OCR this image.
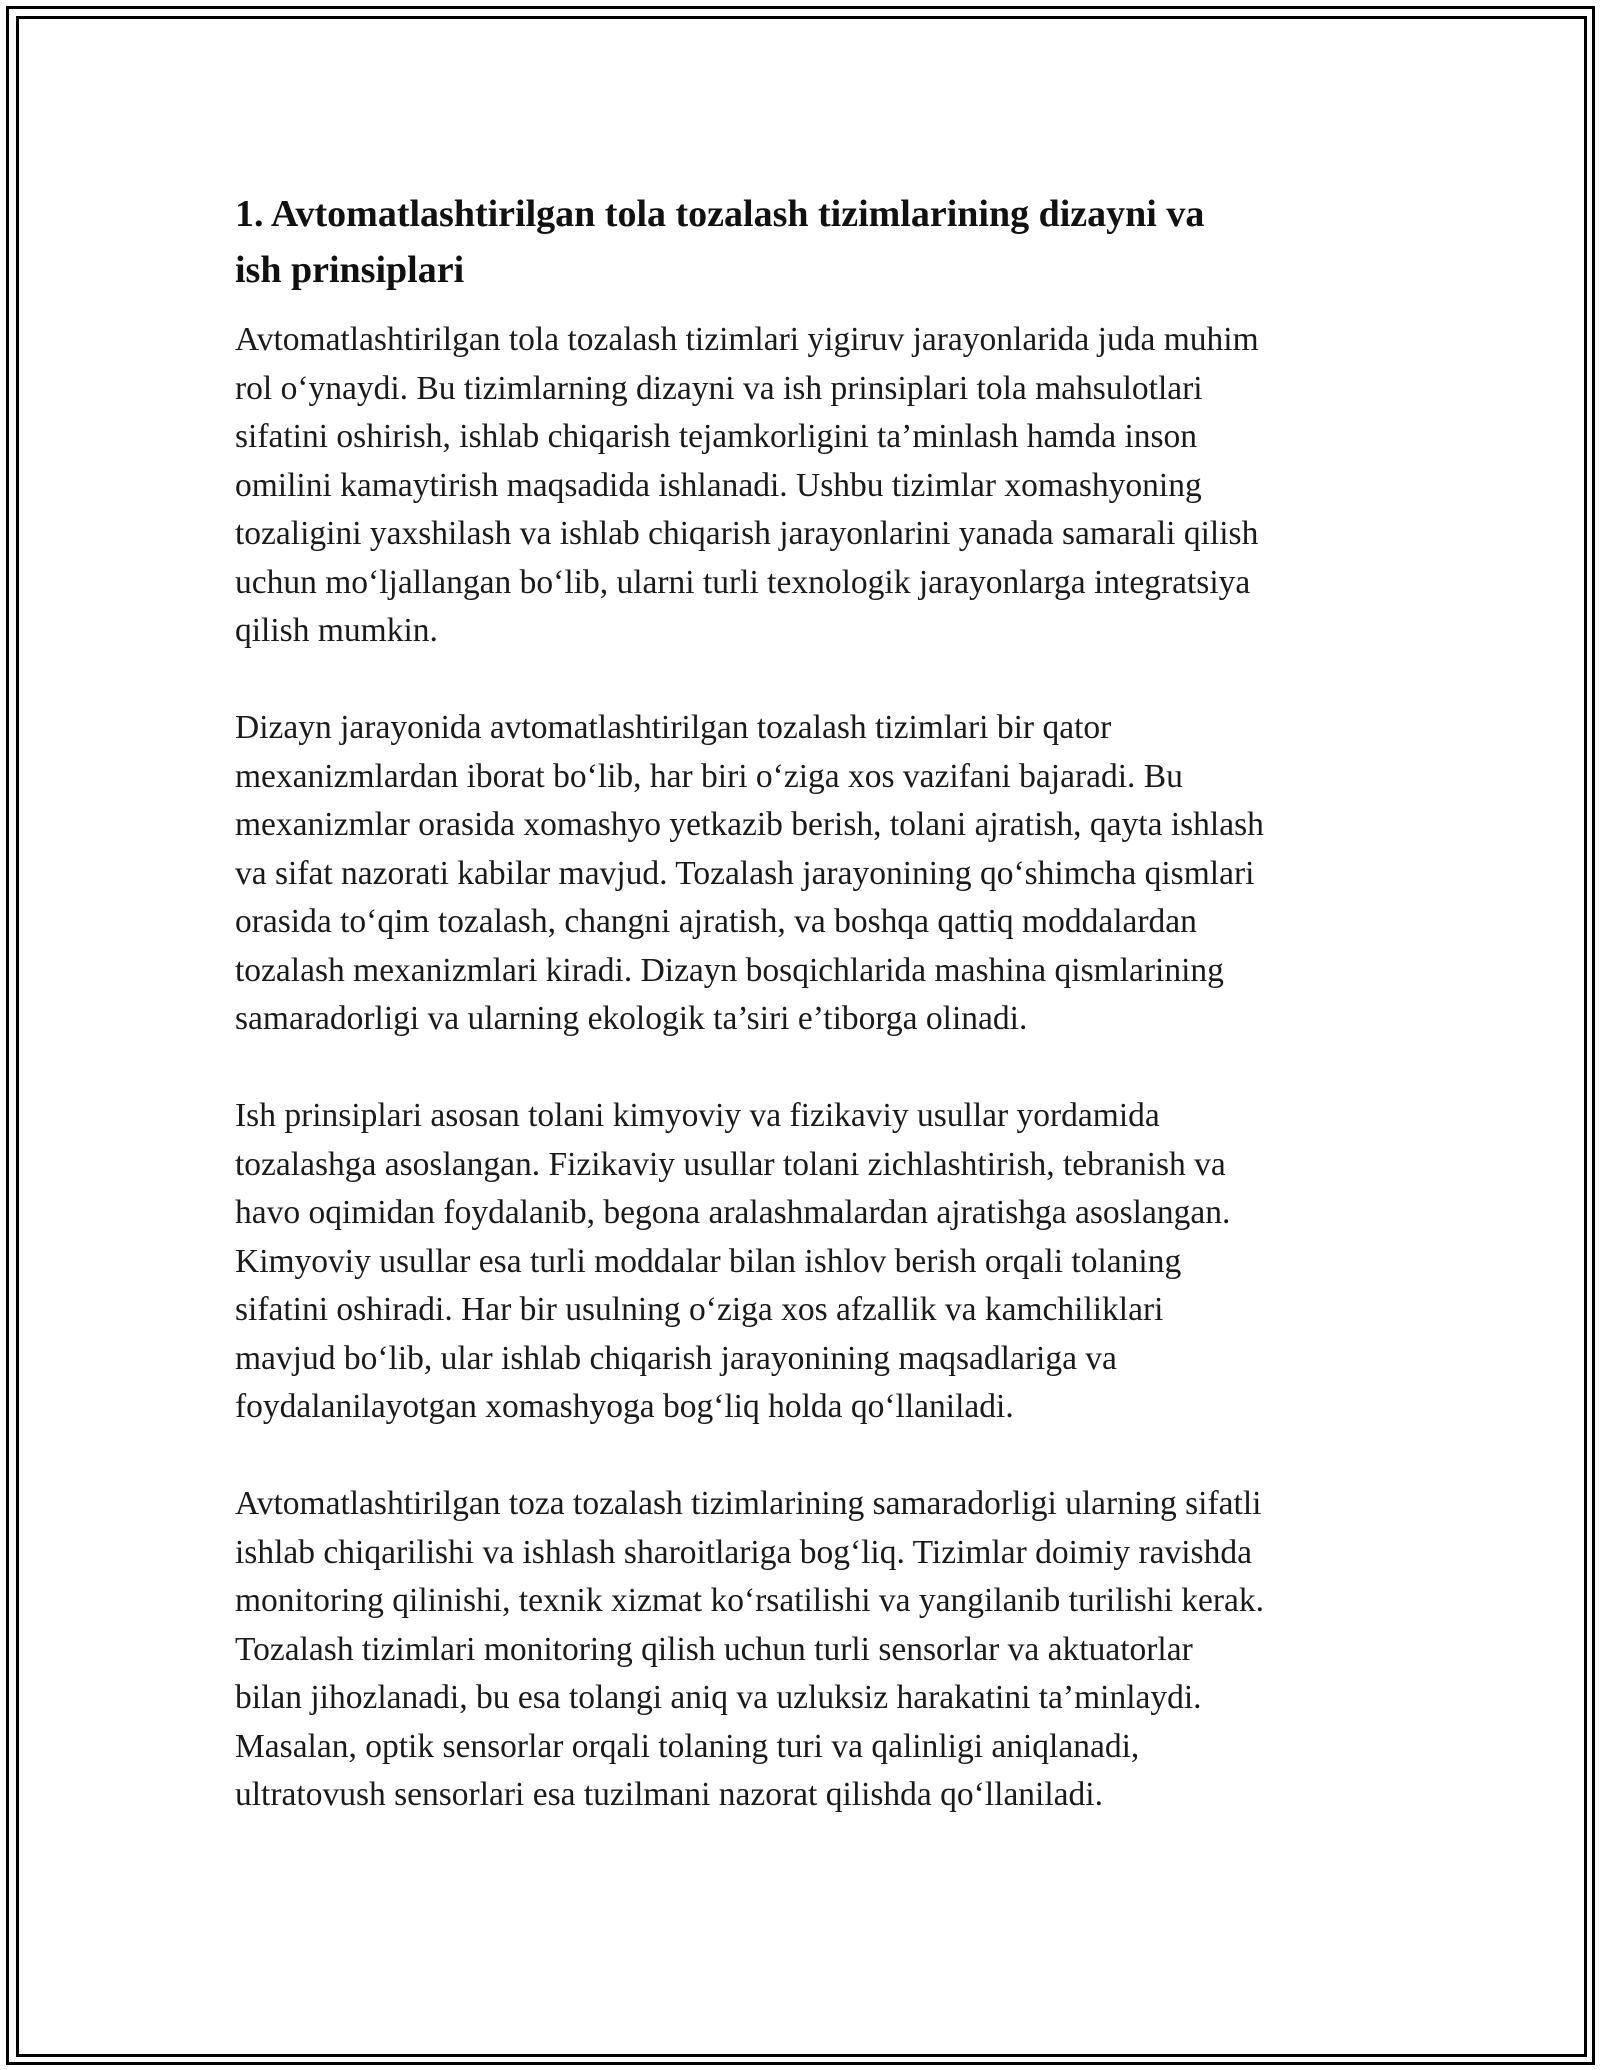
1. Avtomatlashtirilgan tola tozalash tizimlarining dizayni va
ish prinsiplari

Avtomatlashtirilgan tola tozalash tizimlari yigiruv jarayonlarida juda muhim
rol o‘ynaydi. Bu tizimlarning dizayni va ish prinsiplari tola mahsulotlari
sifatini oshirish, ishlab chiqarish tejamkorligini ta’minlash hamda inson
omilini kamaytirish maqsadida ishlanadi. Ushbu tizimlar xomashyoning
tozaligini yaxshilash va ishlab chiqarish jarayonlarini yanada samarali qilish
uchun mo‘ljallangan bo‘lib, ularni turli texnologik jarayonlarga integratsiya
qilish mumkin.

Dizayn jarayonida avtomatlashtirilgan tozalash tizimlari bir qator
mexanizmlardan iborat bo‘lib, har biri o‘ziga xos vazifani bajaradi. Bu
mexanizmlar orasida xomashyo yetkazib berish, tolani ajratish, qayta ishlash
va sifat nazorati kabilar mavjud. Tozalash jarayonining qo‘shimcha qismlari
orasida to‘qim tozalash, changni ajratish, va boshqa qattiq moddalardan
tozalash mexanizmlari kiradi. Dizayn bosqichlarida mashina qismlarining
samaradorligi va ularning ekologik ta’siri e’tiborga olinadi.

Ish prinsiplari asosan tolani kimyoviy va fizikaviy usullar yordamida
tozalashga asoslangan. Fizikaviy usullar tolani zichlashtirish, tebranish va
havo oqimidan foydalanib, begona aralashmalardan ajratishga asoslangan.
Kimyoviy usullar esa turli moddalar bilan ishlov berish orqali tolaning
sifatini oshiradi. Har bir usulning o‘ziga xos afzallik va kamchiliklari
mavjud bo‘lib, ular ishlab chiqarish jarayonining maqsadlariga va
foydalanilayotgan xomashyoga bog‘liq holda qo‘llaniladi.

Avtomatlashtirilgan toza tozalash tizimlarining samaradorligi ularning sifatli
ishlab chiqarilishi va ishlash sharoitlariga bog‘liq. Tizimlar doimiy ravishda
monitoring qilinishi, texnik xizmat ko‘rsatilishi va yangilanib turilishi kerak.
Tozalash tizimlari monitoring qilish uchun turli sensorlar va aktuatorlar
bilan jihozlanadi, bu esa tolangi aniq va uzluksiz harakatini ta’minlaydi.
Masalan, optik sensorlar orqali tolaning turi va qalinligi aniqlanadi,
ultratovush sensorlari esa tuzilmani nazorat qilishda qo‘llaniladi.
